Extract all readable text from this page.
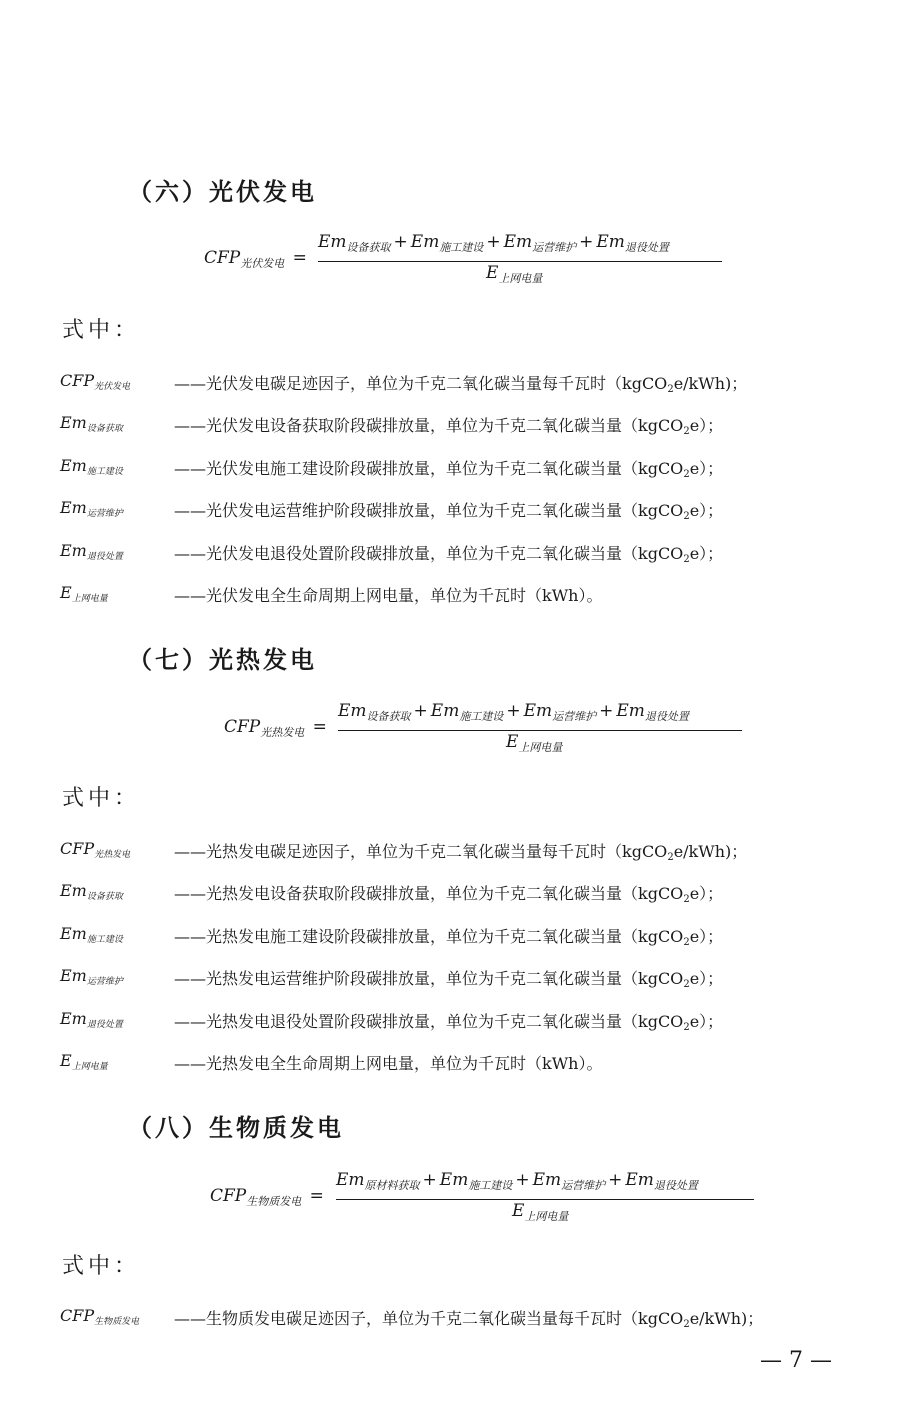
（六）光伏发电
$CFP_{光伏发电}$ =
$Em_{设备获取} + Em_{施工建设} + Em_{运营维护} + Em_{退役处置}$
$E_{上网电量}$
式中：
$CFP_{光伏发电}$	——光伏发电碳足迹因子，单位为千克二氧化碳当量每千瓦时（kgCO$_2$e/kWh)；
$Em_{设备获取}$	——光伏发电设备获取阶段碳排放量，单位为千克二氧化碳当量（kgCO$_2$e）；
$Em_{施工建设}$	——光伏发电施工建设阶段碳排放量，单位为千克二氧化碳当量（kgCO$_2$e）；
$Em_{运营维护}$	——光伏发电运营维护阶段碳排放量，单位为千克二氧化碳当量（kgCO$_2$e）；
$Em_{退役处置}$	——光伏发电退役处置阶段碳排放量，单位为千克二氧化碳当量（kgCO$_2$e）；
$E_{上网电量}$	——光伏发电全生命周期上网电量，单位为千瓦时（kWh）。
（七）光热发电
$CFP_{光热发电}$ =
$Em_{设备获取} + Em_{施工建设} + Em_{运营维护} + Em_{退役处置}$
$E_{上网电量}$
式中：
$CFP_{光热发电}$	——光热发电碳足迹因子，单位为千克二氧化碳当量每千瓦时（kgCO$_2$e/kWh)；
$Em_{设备获取}$	——光热发电设备获取阶段碳排放量，单位为千克二氧化碳当量（kgCO$_2$e）；
$Em_{施工建设}$	——光热发电施工建设阶段碳排放量，单位为千克二氧化碳当量（kgCO$_2$e）；
$Em_{运营维护}$	——光热发电运营维护阶段碳排放量，单位为千克二氧化碳当量（kgCO$_2$e）；
$Em_{退役处置}$	——光热发电退役处置阶段碳排放量，单位为千克二氧化碳当量（kgCO$_2$e）；
$E_{上网电量}$	——光热发电全生命周期上网电量，单位为千瓦时（kWh）。
（八）生物质发电
$CFP_{生物质发电}$ =
$Em_{原材料获取} + Em_{施工建设} + Em_{运营维护} + Em_{退役处置}$
$E_{上网电量}$
式中：
$CFP_{生物质发电}$ ——生物质发电碳足迹因子，单位为千克二氧化碳当量每千瓦时（kgCO$_2$e/kWh)；
— 7 —
